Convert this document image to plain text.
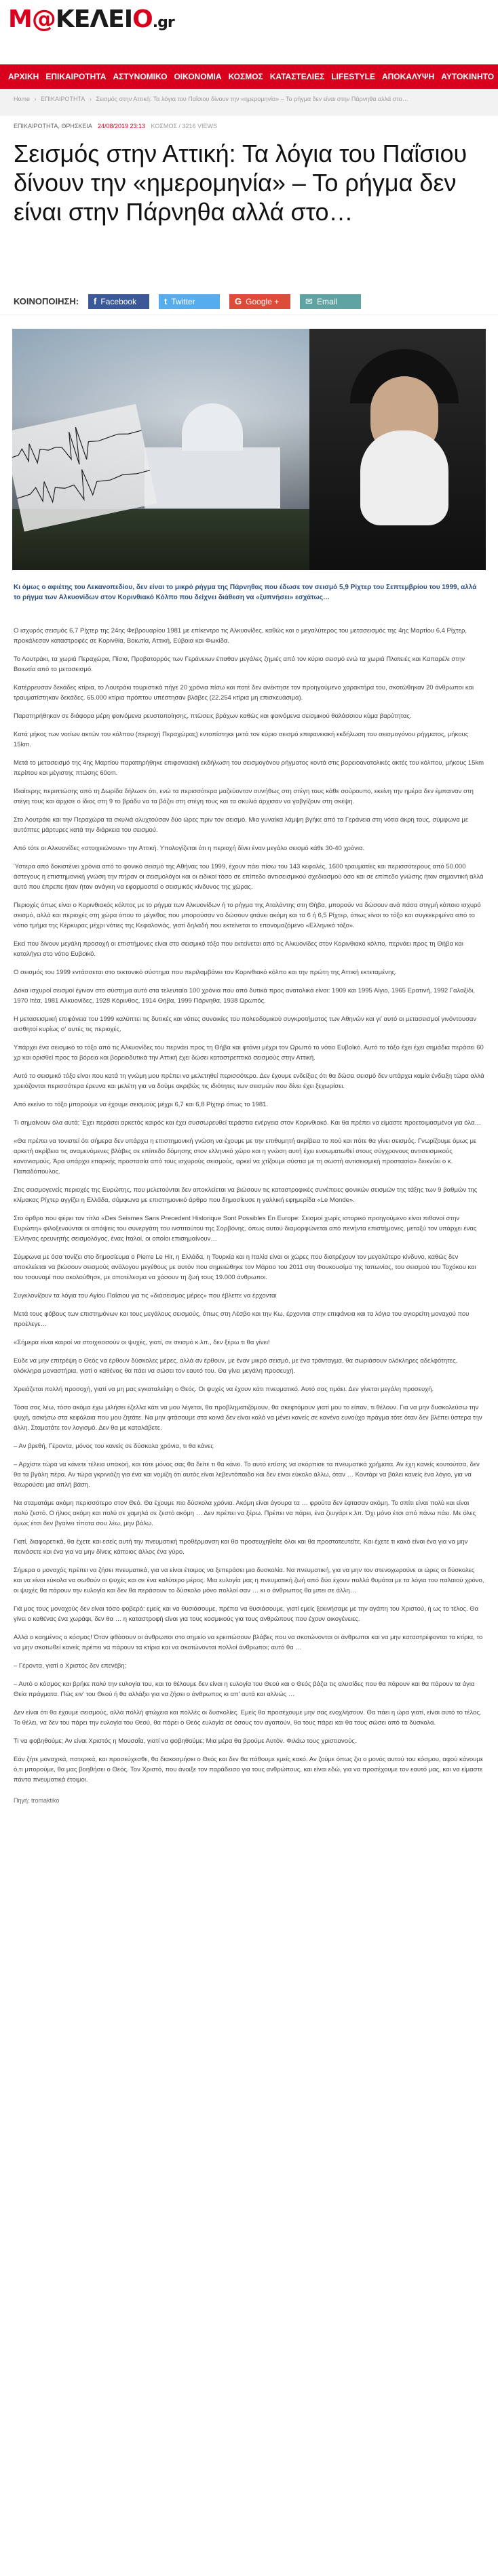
M@ΚΕΛΕΙΟ.gr
ΑΡΧΙΚΗ ΕΠΙΚΑΙΡΟΤΗΤΑ ΑΣΤΥΝΟΜΙΚΟ ΟΙΚΟΝΟΜΙΑ ΚΟΣΜΟΣ ΚΑΤΑΣΤΕΛΙΕΣ LIFESTYLE ΑΠΟΚΑΛΥΨΗ ΑΥΤΟΚΙΝΗΤΟ
Home › ΕΠΙΚΑΙΡΟΤΗΤΑ › Σεισμός στην Αττική: Τα λόγια του Παΐσιου δίνουν την «ημερομηνία» – Το ρήγμα δεν είναι στην Πάρνηθα αλλά στο…
ΕΠΙΚΑΙΡΟΤΗΤΑ, ΘΡΗΣΚΕΙΑ 24/08/2019 23:13 ΚΟΣΜΟΣ / 3216 VIEWS
Σεισμός στην Αττική: Τα λόγια του Παΐσιου δίνουν την «ημερομηνία» – Το ρήγμα δεν είναι στην Πάρνηθα αλλά στο…
ΚΟΙΝΟΠΟΙΗΣΗ: f Facebook	t Twitter	G Google +	✉ Email
Κι όμως ο αφιέτης του Λεκανοπεδίου, δεν είναι το μικρό ρήγμα της Πάρνηθας που έδωσε τον σεισμό 5,9 Ρίχτερ του Σεπτεμβρίου του 1999, αλλά το ρήγμα των Αλκυονίδων στον Κορινθιακό Κόλπο που δείχνει διάθεση να «ξυπνήσει» εσχάτως…

Ο ισχυρός σεισμός 6,7 Ρίχτερ της 24ης Φεβρουαρίου 1981 με επίκεντρο τις Αλκυονίδες, καθώς και ο μεγαλύτερος του μετασεισμός της 4ης Μαρτίου 6,4 Ρίχτερ, προκάλεσαν καταστροφές σε Κορινθία, Βοιωτία, Αττική, Εύβοια και Φωκίδα.

Το Λουτράκι, τα χωριά Περαχώρα, Πίσια, Προβατορρός των Γεράνειων έπαθαν μεγάλες ζημιές από τον κύριο σεισμό ενώ τα χωριά Πλατειές και Καπαρέλι στην Βοιωτία από το μετασεισμό.

Κατέρρευσαν δεκάδες κτίρια, το Λουτράκι τουριστικά πήγε 20 χρόνια πίσω και ποτέ δεν ανέκτησε τον προηγούμενο χαρακτήρα του, σκοτώθηκαν 20 άνθρωποι και τραυματίστηκαν δεκάδες. 65.000 κτίρια πρόπτου υπέστησαν βλάβες (22.254 κτίρια μη επισκευάσιμα).

Παρατηρήθηκαν σε διάφορα μέρη φαινόμενα ρευστοποίησης, πτώσεις βράχων καθώς και φαινόμενα σεισμικού θαλάσσιου κύμα βαρύτητας.

Κατά μήκος των νοτίων ακτών του κόλπου (περιοχή Περαχώρας) εντοπίστηκε μετά τον κύριο σεισμό επιφανειακή εκδήλωση του σεισμογόνου ρήγματος, μήκους 15km.

Μετά το μετασεισμό της 4ης Μαρτίου παρατηρήθηκε επιφανειακή εκδήλωση του σεισμογόνου ρήγματος κοντά στις βορειοανατολικές ακτές του κόλπου, μήκους 15km περίπου και μέγιστης πτώσης 60cm.

Ιδιαίτερης περιπτώσης από τη Δωρίδα δήλωσε ότι, ενώ τα περισσότερα μαζεύονταν συνήθως στη στέγη τους κάθε σούρουπο, εκείνη την ημέρα δεν έμπαιναν στη στέγη τους και άρχισε ο ίδιος στη 9 το βράδυ να τα βάζει στη στέγη τους και τα σκυλιά άρχισαν να γαβγίζουν στη σκέψη.

Στο Λουτράκι και την Περαχώρα τα σκυλιά αλυχτούσαν δύο ώρες πριν τον σεισμό. Μια γυναίκα λάμψη βγήκε από τα Γεράνεια στη νότια άκρη τους, σύμφωνα με αυτόπτες μάρτυρες κατά την διάρκεια του σεισμού.

Από τότε οι Αλκυονίδες «στοιχειώνουν» την Αττική. Υπολογίζεται ότι η περιοχή δίνει έναν μεγάλο σεισμό κάθε 30-40 χρόνια.

Ύστερα από δοκιστένει χρόνια από το φονικό σεισμό της Αθήνας του 1999, έχουν πάει πίσω του 143 κεφαλές, 1600 τραυματίες και περισσότερους από 50.000 άστεγους η επιστημονική γνώση την πήραν οι σεισμολόγοι και οι ειδικοί τόσο σε επίπεδο αντισεισμικού σχεδιασμού όσο και σε επίπεδο γνώσης ήταν σημαντική αλλά αυτό που έπρεπε ήταν ήταν ανάγκη να εφαρμοστεί ο σεισμικός κίνδυνος της χώρας.

Περιοχές όπως είναι ο Κορινθιακός κόλπος με το ρήγμα των Αλκυονίδων ή το ρήγμα της Αταλάντης στη Θήβα, μπορούν να δώσουν ανά πάσα στιγμή κάποιο ισχυρό σεισμό, αλλά και περιοχές στη χώρα όπου το μέγεθος που μπορούσαν να δώσουν φτάνει ακόμη και τα 6 ή 6,5 Ρίχτερ, όπως είναι το τόξο και συγκεκριμένα από το νότιο τμήμα της Κέρκυρας μέχρι νότιες της Κεφαλονιάς, γιατί δηλαδή που εκτείνεται το επονομαζόμενο «Ελληνικό τόξο».

Εκεί που δίνουν μεγάλη προσοχή οι επιστήμονες είναι στο σεισμικό τόξο που εκτείνεται από τις Αλκυονίδες στον Κορινθιακό κόλπο, περνάει προς τη Θήβα και καταλήγει στο νότιο Ευβοϊκό.

Ο σεισμός του 1999 εντάσσεται στο τεκτονικό σύστημα που περιλαμβάνει τον Κορινθιακό κόλπο και την πρώτη της Αττική εκτεταμένης.

Δόκα ισχυροί σεισμοί έγιναν στο σύστημα αυτό στα τελευταία 100 χρόνια που από δυτικά προς ανατολικά είναι: 1909 και 1995 Αίγιο, 1965 Ερατινή, 1992 Γαλαξίδι, 1970 Ιτέα, 1981 Αλκυονίδες, 1928 Κόρινθος, 1914 Θήβα, 1999 Πάρνηθα, 1938 Ωρωπός.

Η μετασεισμική επιφάνεια του 1999 καλύπτει τις δυτικές και νότιες συνοικίες του πολεοδομικού συγκροτήματος των Αθηνών και γι' αυτό οι μετασεισμοί γινόντουσαν αισθητοί κυρίως σ' αυτές τις περιοχές.

Υπάρχει ένα σεισμικό το τόξο από τις Αλκυονίδες του περνάει προς τη Θήβα και φτάνει μέχρι τον Ωρωπό το νότιο Ευβοϊκό. Αυτό το τόξο έχει έχει σημάδια περάσει 60 χρ και ορισθεί προς τα βόρεια και βορειοδυτικά την Αττική έχει δώσει καταστρεπτικό σεισμούς στην Αττική.

Αυτό το σεισμικό τόξο είναι που κατά τη γνώμη μου πρέπει να μελετηθεί περισσότερο. Δεν έχουμε ενδείξεις ότι θα δώσει σεισμό δεν υπάρχει καμία ένδειξη τώρα αλλά χρειάζονται περισσότερα έρευνα και μελέτη για να δούμε ακριβώς τις ιδιότητες των σεισμών που δίνει έχει ξεχωρίσει.

Από εκείνο το τόξο μπορούμε να έχουμε σεισμούς μέχρι 6,7 και 6,8 Ρίχτερ όπως το 1981.

Τι σημαίνουν όλα αυτά; Έχει περάσει αρκετός καιρός και έχει συσσωρευθεί τεράστια ενέργεια στον Κορινθιακό. Και θα πρέπει να είμαστε προετοιμασμένοι για όλα…

«Θα πρέπει να τονιστεί ότι σήμερα δεν υπάρχει η επιστημονική γνώση να έχουμε με την επιθυμητή ακρίβεια το πού και πότε θα γίνει σεισμός. Γνωρίζουμε όμως με αρκετή ακρίβεια τις αναμενόμενες βλάβες σε επίπεδο δόμησης στον ελληνικό χώρο και η γνώση αυτή έχει ενσωματωθεί στους σύγχρονους αντισεισμικούς κανονισμούς. Άρα υπάρχει επαρκής προστασία από τους ισχυρούς σεισμούς, αρκεί να χτίζουμε σύστια με τη σωστή αντισεισμική προστασία» δεικνύει ο κ. Παπαδόπουλος.

Στις σεισμογενείς περιοχές της Ευρώπης, που μελετούνται δεν αποκλείεται να βιώσουν τις καταστροφικές συνέπειες φονικών σεισμών της τάξης των 9 βαθμών της κλίμακας Ρίχτερ αγγίζει η Ελλάδα, σύμφωνα με επιστημονικό άρθρο που δημοσίευσε η γαλλική εφημερίδα «Le Monde».

Στο άρθρο που φέρει τον τίτλο «Des Seismes Sans Precedent Historique Sont Possibles En Europe: Σεισμοί χωρίς ιστορικό προηγούμενο είναι πιθανοί στην Ευρώπη» φιλοξενούνται οι απόψεις του συνεργάτη του ινστιτούτου της Σορβόνης, όπως αυτού διαμορφώνεται από πενήντα επιστήμονες, μεταξύ τον υπάρχει ένας Έλληνας ερευνητής σεισμολόγος, ένας Ιταλοί, οι οποίοι επισημαίνουν…

Σύμφωνα με όσα τονίζει στο δημοσίευμα ο Pierre Le Hir, η Ελλάδα, η Τουρκία και η Ιταλία είναι οι χώρες που διατρέχουν τον μεγαλύτερο κίνδυνο, καθώς δεν αποκλείεται να βιώσουν σεισμούς ανάλογου μεγέθους με αυτόν που σημειώθηκε τον Μάρτιο του 2011 στη Φουκουσίμα της Ιαπωνίας, του σεισμού του Τοχόκου και του τσουναμί που ακολούθησε, με αποτέλεσμα να χάσουν τη ζωή τους 19.000 άνθρωποι.

Συγκλονίζουν τα λόγια του Αγίου Παΐσιου για τις «διάσεισμος μέρες» που έβλεπε να έρχονται

Μετά τους φόβους των επιστημόνων και τους μεγάλους σεισμούς, όπως στη Λέσβο και την Κω, έρχονται στην επιφάνεια και τα λόγια του αγιορείτη μοναχού που προέλεγε…

«Σήμερα είναι καιροί να στοιχειοσούν οι ψυχές, γιατί, σε σεισμό κ.λπ., δεν ξέρω τι θα γίνει!

Εύδε να μην επιτρέψη ο Θεός να έρθουν δύσκολες μέρες, αλλά αν έρθουν, με έναν μικρό σεισμό, με ένα τράνταγμα, θα σωριάσουν ολόκληρες αδελφότητες, ολόκληρα μοναστήρια, γιατί ο καθένας θα πάει να σώσει τον εαυτό του. Θα γίνει μεγάλη προσευχή.

Χρειάζεται πολλή προσοχή, γιατί να μη μας εγκαταλείψη ο Θεός. Οι ψυχές να έχουν κάτι πνευματικό. Αυτό σας τιμάει. Δεν γίνεται μεγάλη προσευχή.

Τόσα σας λέω, τόσο ακόμα έχω μιλήσει έζελλα κάτι να μου λέγεται, θα προβληματιζόμουν, θα σκεφτόμουν γιατί μου το είπαν, τι θέλουν. Για να μην δυσκολεύσω την ψυχή, ασκήσω στα κεφάλαια που μου ζητάτε. Να μην φτάσουμε στα κοινά δεν είναι καλό να μένει κανείς σε κανένα ευνούχο πράγμα τότε όταν δεν βλέπει ύστερα την άλλη. Σταματάτε τον λογισμό. Δεν θα με καταλάβετε.

– Αν βρεθή, Γέροντα, μόνος του κανείς σε δύσκολα χρόνια, τι θα κάνει;

– Αρχίστε τώρα να κάνετε τέλεια υπακοή, και τότε μόνος σας θα δείτε τι θα κάνει. Το αυτό επίσης να σκόρπισε τα πνευματικά χρήματα. Αν έχη κανείς κουτούτσα, δεν θα τα βγάλη πέρα. Αν τώρα γκρινιάζη για ένα και νομίζη ότι αυτός είναι λεβεντόπαιδο και δεν είναι εύκολο άλλω, όταν … Κοντάρι να βάλει κανείς ένα λόγιο, για να θεωρούσει μια απλή βάση.

Να σταματάμε ακόμη περισσότερο στον Θεό. Θα έχουμε πιο δύσκολα χρόνια. Ακόμη είναι άγουρα τα … φρούτα δεν έφτασαν ακόμη. Το σπίτι είναι πολύ και είναι πολύ ζεστό. Ο ήλιος ακόμη και πολύ σε χαμηλά σε ζεστό ακόμη … Δεν πρέπει να ξέρω. Πρέπει να πάρει, ένα ζευγάρι κ.λπ. Όχι μόνο έτσι από πάνω πάει. Με όλες όμως έτσι δεν βγαίνει τίποτα σου λέω, μην βάλω.

Γιατί, διαφορετικά, θα έχετε και εσείς αυτή την πνευματική προθέρμανση και θα προσευχηθείτε όλοι και θα προστατευτείτε. Και έχετε τι κακό είναι ένα για να μην πεινάσετε και ένα για να μην δίνεις κάποιος άλλος ένα γύρο.

Σήμερα ο μοναχός πρέπει να ζήσει πνευματικά, για να είναι έτοιμος να ξεπεράσει μια δυσκολία. Να πνευματική, για να μην τον στενοχωρούνε οι ώρες οι δύσκολες και να είναι εύκολα να σωθούν οι ψυχές και σε ένα καλύτερο μέρος. Μια ευλογία μας η πνευματική ζωή από δύο έχουν πολλά θυμάται με τα λόγια του παλαιού χρόνο, οι ψυχές θα πάρουν την ευλογία και δεν θα περάσουν το δύσκολο μόνο πολλοί σαν … κι ο άνθρωπος θα μπει σε άλλη…

Γιά μας τους μοναχούς δεν είναι τόσο φοβερό: εμείς και να θυσιάσουμε, πρέπει να θυσιάσουμε, γιατί εμείς ξεκινήσαμε με την αγάπη του Χριστού, ή ως το τέλος. Θα γίνει ο καθένας ένα χωράφι, δεν θα … η καταστροφή είναι για τους κοσμικούς για τους ανθρώπους που έχουν οικογένειες.

Αλλά ο καημένος ο κόσμος! Όταν φθάσουν οι άνθρωποι στο σημείο να ερειπώσουν βλάβες που να σκοτώνονται οι άνθρωποι και να μην καταστρέφονται τα κτίρια, το να μην σκοτωθεί κανείς πρέπει να πάρουν τα κτίρια και να σκοτώνονται πολλοί άνθρωποι; αυτό θα …

– Γέροντα, γιατί ο Χριστός δεν επενέβη;

– Αυτό ο κόσμος και βρήκε πολύ την ευλογία του, και το θέλουμε δεν είναι η ευλογία του Θεού και ο Θεός βάζει τις αλυσίδες που θα πάρουν και θα πάρουν τα άγια Θεία πράγματα. Πώς ειν' του Θεού ή θα αλλάξει για να ζήσει ο άνθρωπος κι απ' αυτά και αλλιώς …

Δεν είναι ότι θα έχουμε σεισμούς, αλλά πολλή φτώχεια και πολλές οι δυσκολίες. Εμείς θα προσέχουμε μην σας ενοχλήσουν. Θα πάει η ώρα γιατί, είναι αυτό το τέλος. Το θέλει, να δεν του πάρει την ευλογία του Θεού, θα πάρει ο Θεός ευλογία σε όσους τον αγαπούν, θα τους πάρει και θα τους σώσει από τα δύσκολα.

Τι να φοβηθούμε; Αν είναι Χριστός η Μουσαΐα, γιατί να φοβηθούμε; Μια μέρα θα βρούμε Αυτόν. Φιλάω τους χριστιανούς.

Εάν ζήτε μοναχικά, πατερικά, και προσεύχεσθε, θα διακοσμήσει ο Θεός και δεν θα πάθουμε εμείς κακό. Αν ζούμε όπως ζει ο μονός αυτού του κόσμου, αφού κάνουμε ό,τι μπορούμε, θα μας βοηθήσει ο Θεός. Τον Χριστό, που άνοιξε τον παράδεισο για τους ανθρώπους, και είναι εδώ, για να προσέχουμε τον εαυτό μας, και να είμαστε πάντα πνευματικά έτοιμοι.

Πηγή: tromaktiko
